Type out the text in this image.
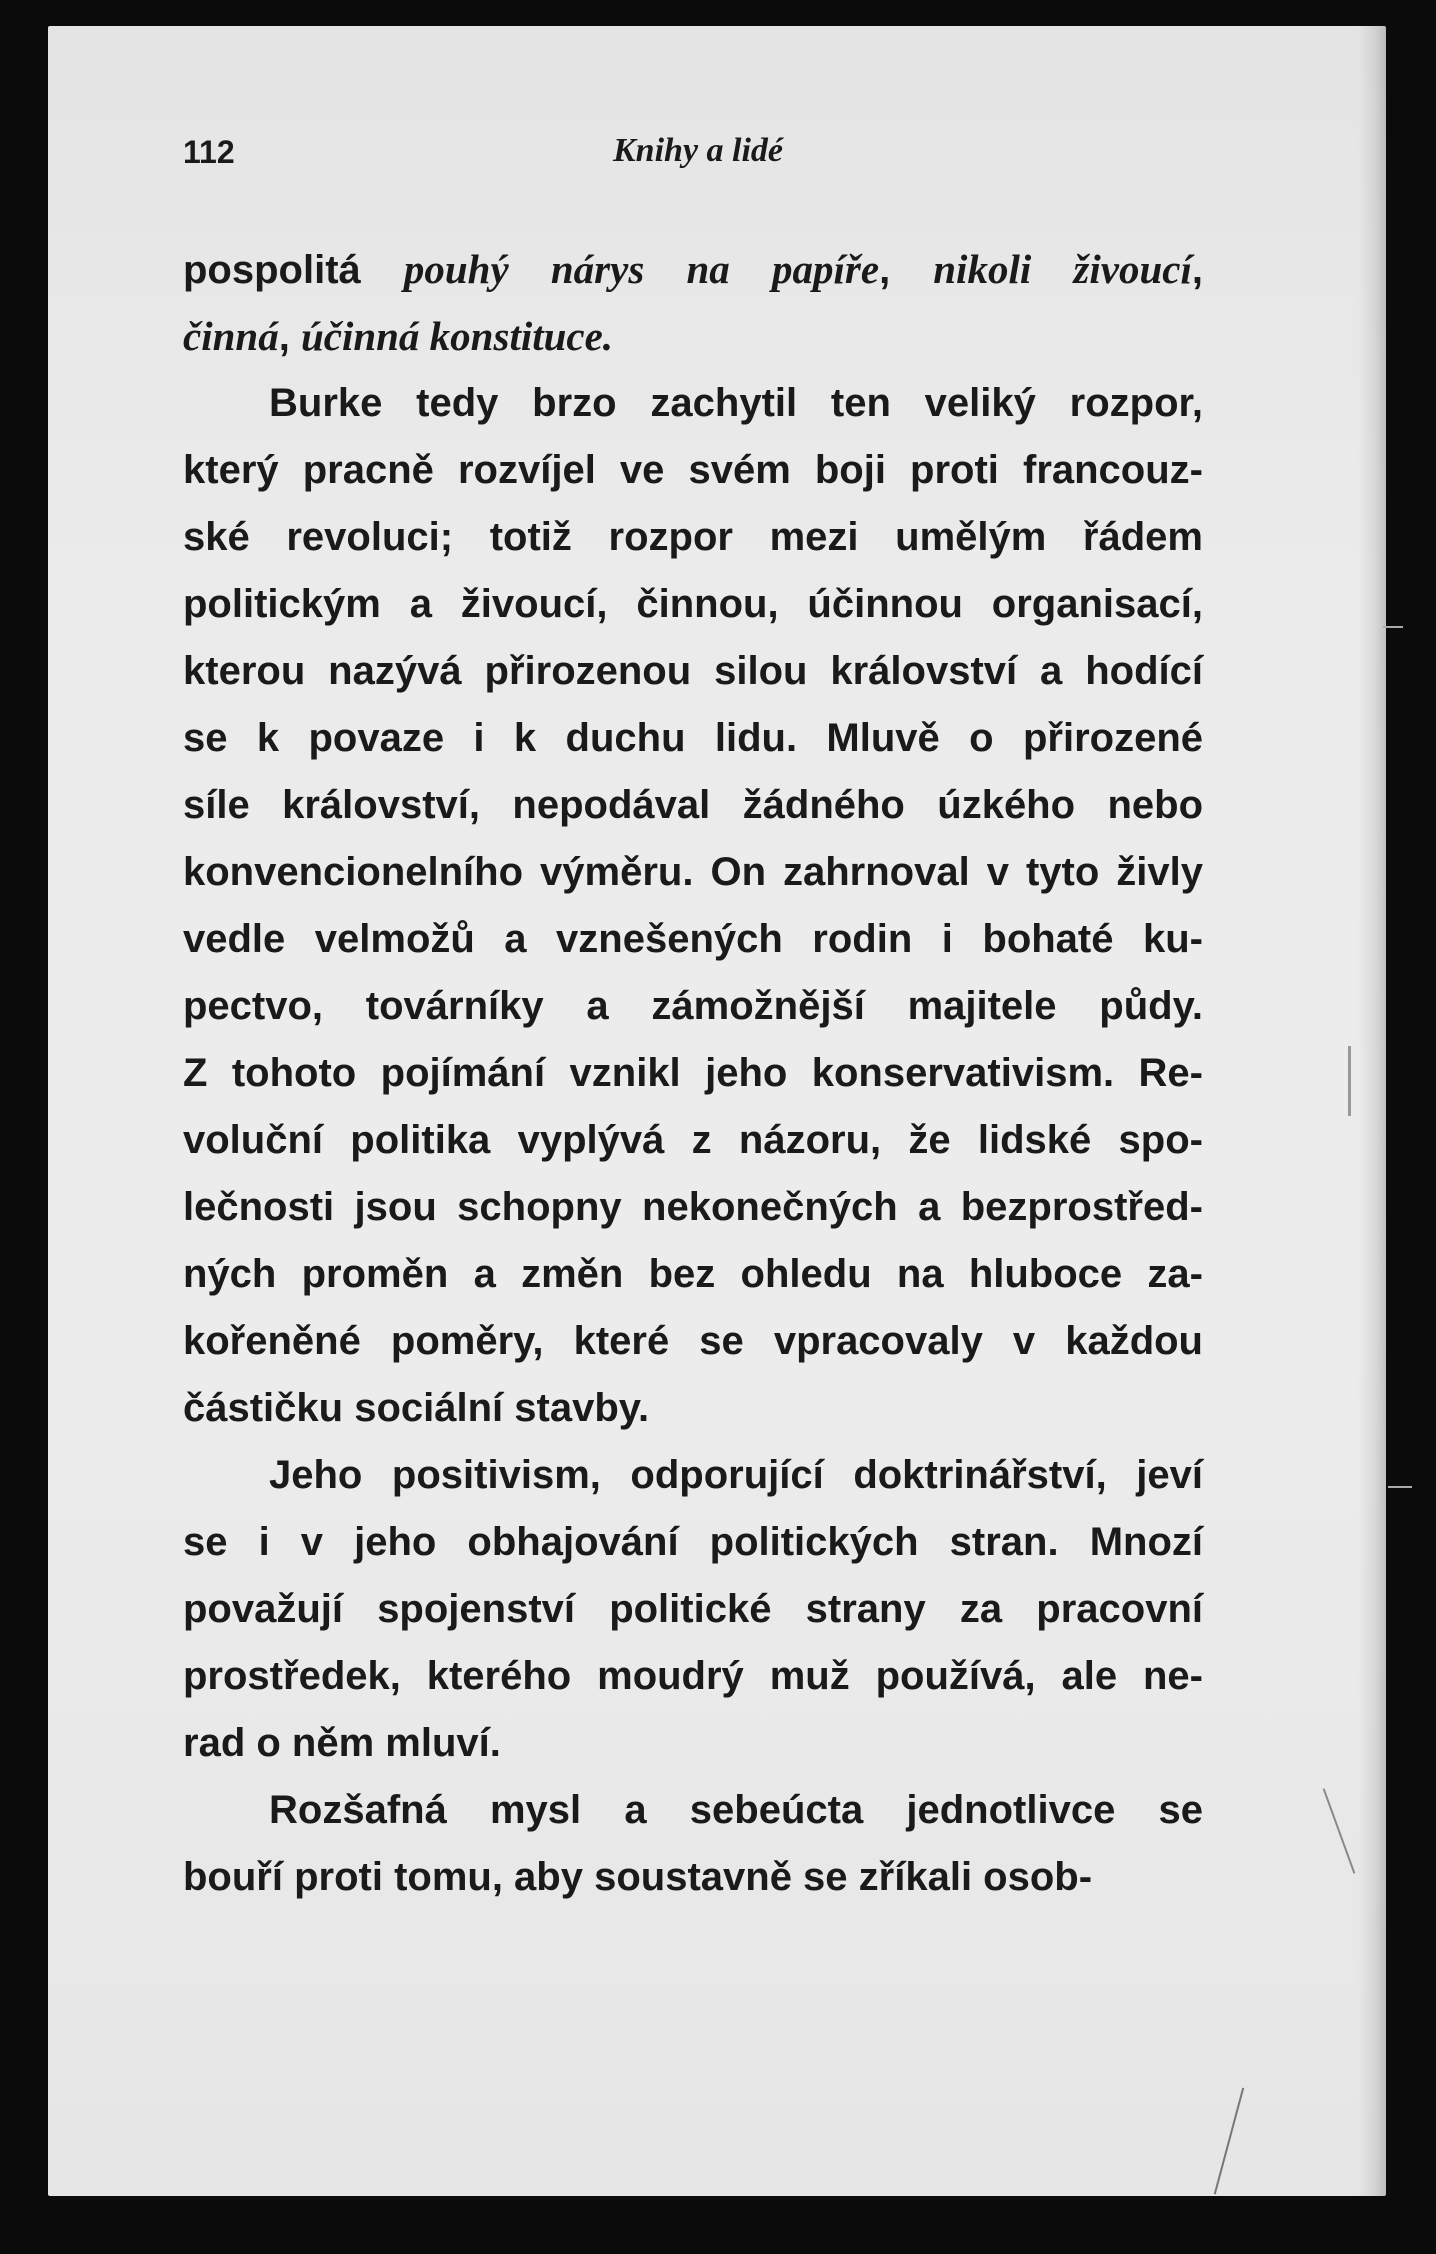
112	Knihy a lidé
pospolitá pouhý nárys na papíře, nikoli živoucí,
činná, účinná konstituce.
Burke tedy brzo zachytil ten veliký rozpor,
který pracně rozvíjel ve svém boji proti francouz-
ské revoluci; totiž rozpor mezi umělým řádem
politickým a živoucí, činnou, účinnou organisací,
kterou nazývá přirozenou silou království a hodící
se k povaze i k duchu lidu. Mluvě o přirozené
síle království, nepodával žádného úzkého nebo
konvencionelního výměru. On zahrnoval v tyto živly
vedle velmožů a vznešených rodin i bohaté ku-
pectvo, továrníky a zámožnější majitele půdy.
Z tohoto pojímání vznikl jeho konservativism. Re-
voluční politika vyplývá z názoru, že lidské spo-
lečnosti jsou schopny nekonečných a bezprostřed-
ných proměn a změn bez ohledu na hluboce za-
kořeněné poměry, které se vpracovaly v každou
částičku sociální stavby.
Jeho positivism, odporující doktrinářství, jeví
se i v jeho obhajování politických stran. Mnozí
považují spojenství politické strany za pracovní
prostředek, kterého moudrý muž používá, ale ne-
rad o něm mluví.
Rozšafná mysl a sebeúcta jednotlivce se
bouří proti tomu, aby soustavně se zříkali osob-
